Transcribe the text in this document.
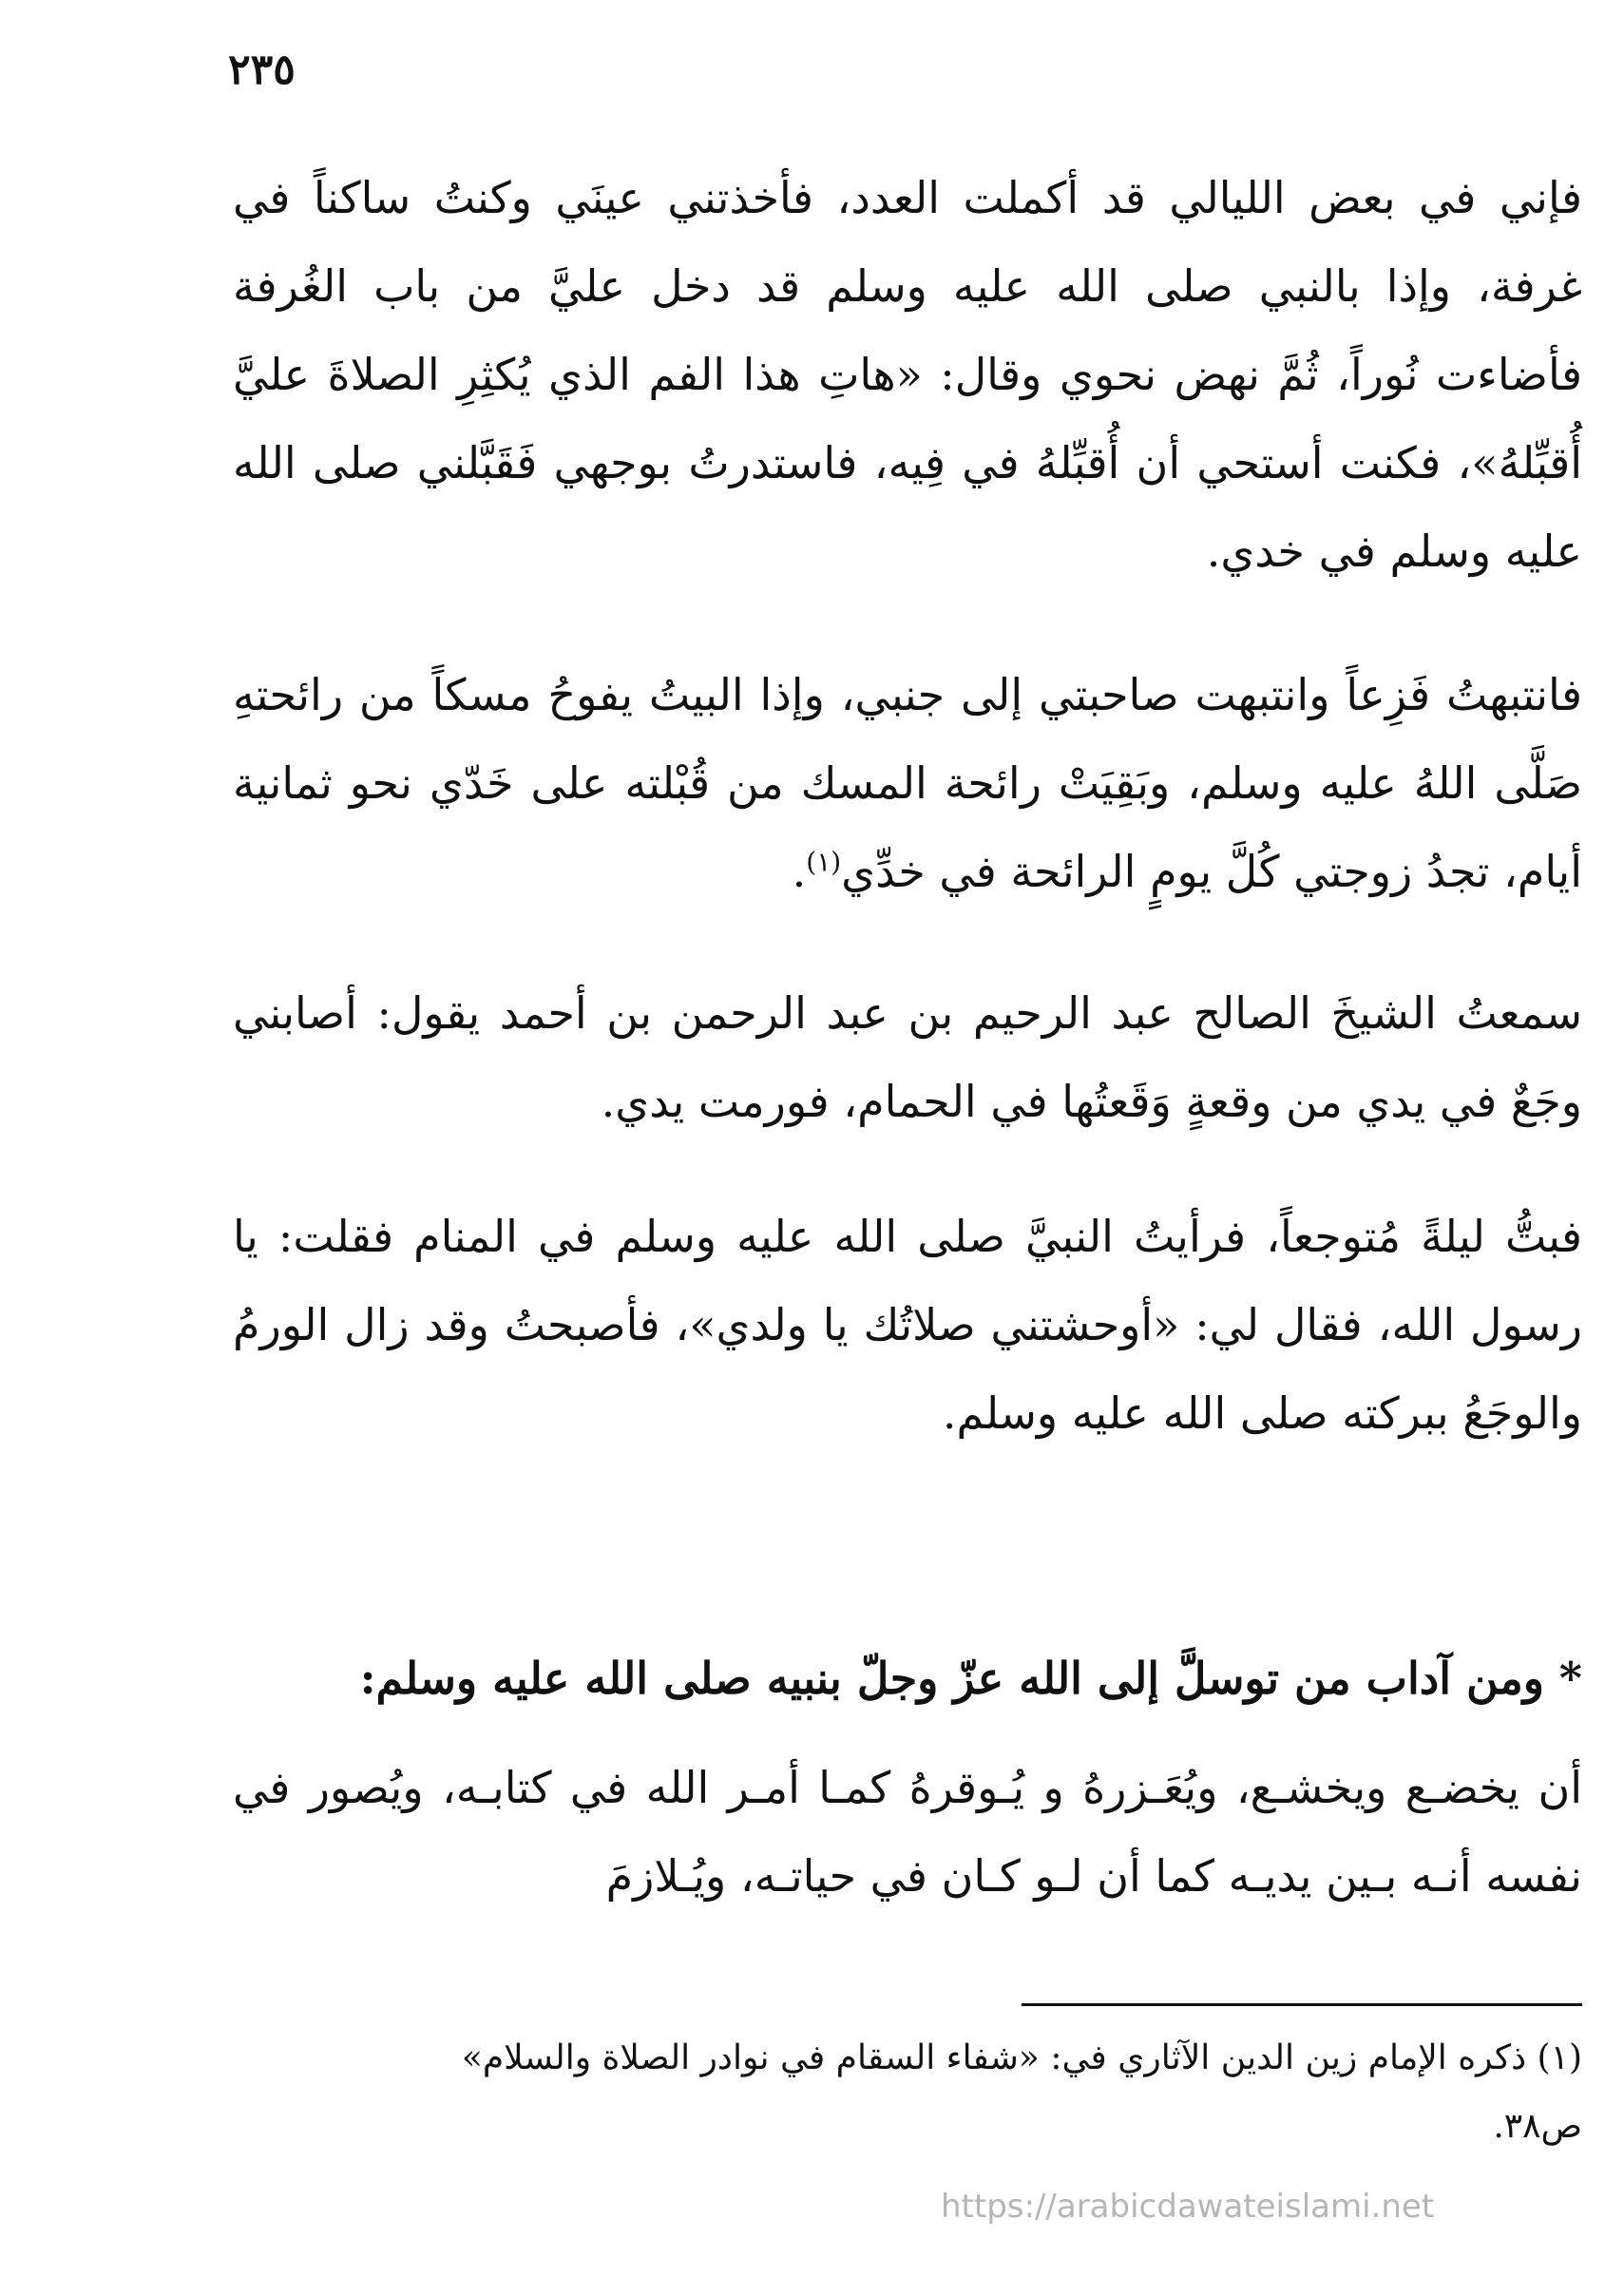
٢٣٥

فإني في بعض الليالي قد أكملت العدد، فأخذتني عينَي وكنتُ ساكناً في غرفة، وإذا بالنبي صلى الله عليه وسلم قد دخل عليَّ من باب الغُرفة فأضاءت نُوراً، ثُمَّ نهض نحوي وقال: «هاتِ هذا الفم الذي يُكثِرِ الصلاةَ عليَّ أُقبِّلهُ»، فكنت أستحي أن أُقبِّلهُ في فِيه، فاستدرتُ بوجهي فَقَبَّلني صلى الله عليه وسلم في خدي.

فانتبهتُ فَزِعاً وانتبهت صاحبتي إلى جنبي، وإذا البيتُ يفوحُ مسكاً من رائحتهِ صَلَّى اللهُ عليه وسلم، وبَقِيَتْ رائحة المسك من قُبْلته على خَدّي نحو ثمانية أيام، تجدُ زوجتي كُلَّ يومٍ الرائحة في خدِّي$^{(١)}$.

سمعتُ الشيخَ الصالح عبد الرحيم بن عبد الرحمن بن أحمد يقول: أصابني وجَعٌ في يدي من وقعةٍ وَقَعتُها في الحمام، فورمت يدي.

فبتُّ ليلةً مُتوجعاً، فرأيتُ النبيَّ صلى الله عليه وسلم في المنام فقلت: يا رسول الله، فقال لي: «أوحشتني صلاتُك يا ولدي»، فأصبحتُ وقد زال الورمُ والوجَعُ ببركته صلى الله عليه وسلم.

* ومن آداب من توسلَّ إلى الله عزّ وجلّ بنبيه صلى الله عليه وسلم:

أن يخضـع ويخشـع، ويُعَـزرهُ و يُـوقرهُ كمـا أمـر الله في كتابـه، ويُصور في نفسه أنـه بـين يديـه كما أن لـو كـان في حياتـه، ويُـلازمَ

(١) ذكره الإمام زين الدين الآثاري في: «شفاء السقام في نوادر الصلاة والسلام»

ص٣٨.

https://arabicdawateislami.net
